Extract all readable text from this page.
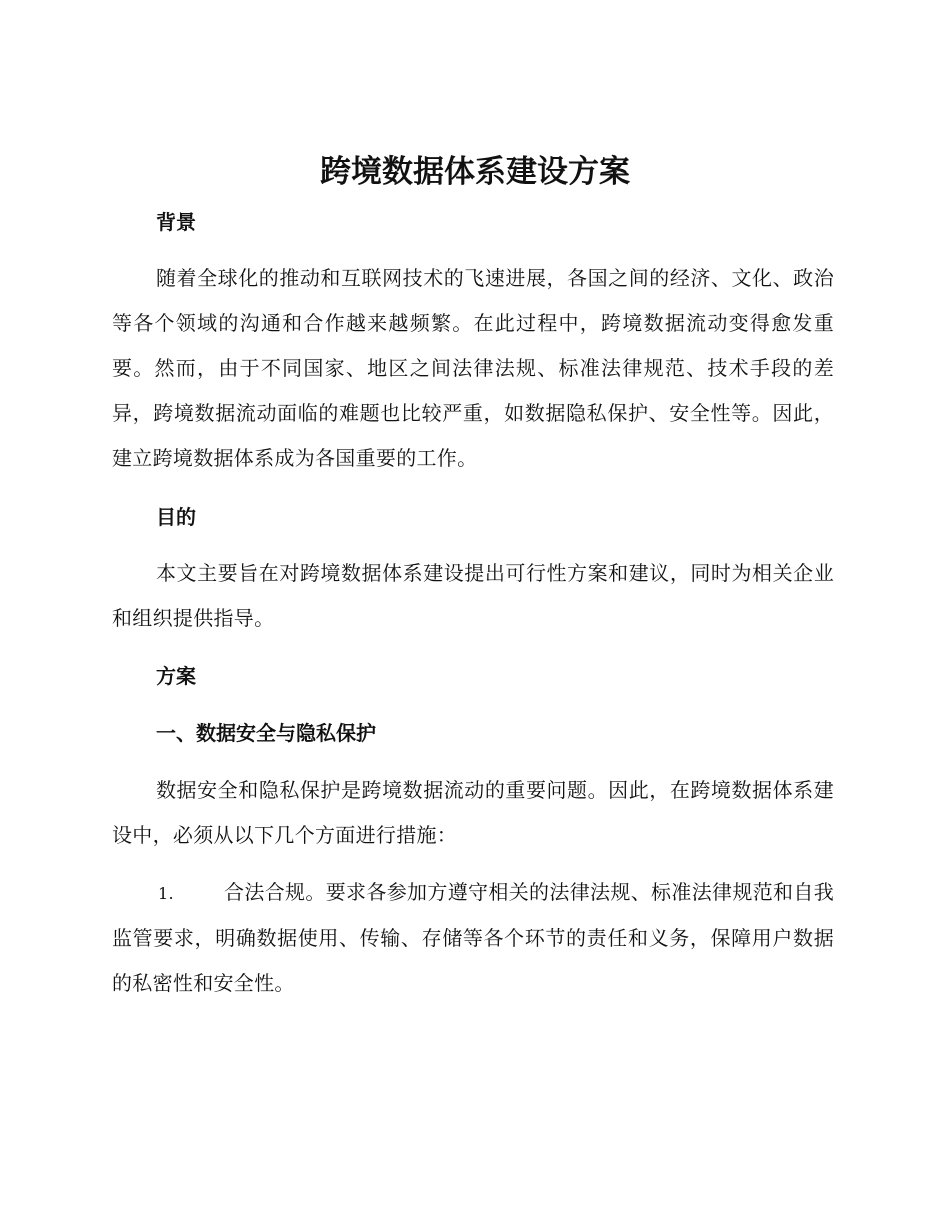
跨境数据体系建设方案
背景
随着全球化的推动和互联网技术的飞速进展，各国之间的经济、文化、政治等各个领域的沟通和合作越来越频繁。在此过程中，跨境数据流动变得愈发重要。然而，由于不同国家、地区之间法律法规、标准法律规范、技术手段的差异，跨境数据流动面临的难题也比较严重，如数据隐私保护、安全性等。因此，建立跨境数据体系成为各国重要的工作。
目的
本文主要旨在对跨境数据体系建设提出可行性方案和建议，同时为相关企业和组织提供指导。
方案
一、数据安全与隐私保护
数据安全和隐私保护是跨境数据流动的重要问题。因此，在跨境数据体系建设中，必须从以下几个方面进行措施：
1.	合法合规。要求各参加方遵守相关的法律法规、标准法律规范和自我监管要求，明确数据使用、传输、存储等各个环节的责任和义务，保障用户数据的私密性和安全性。
